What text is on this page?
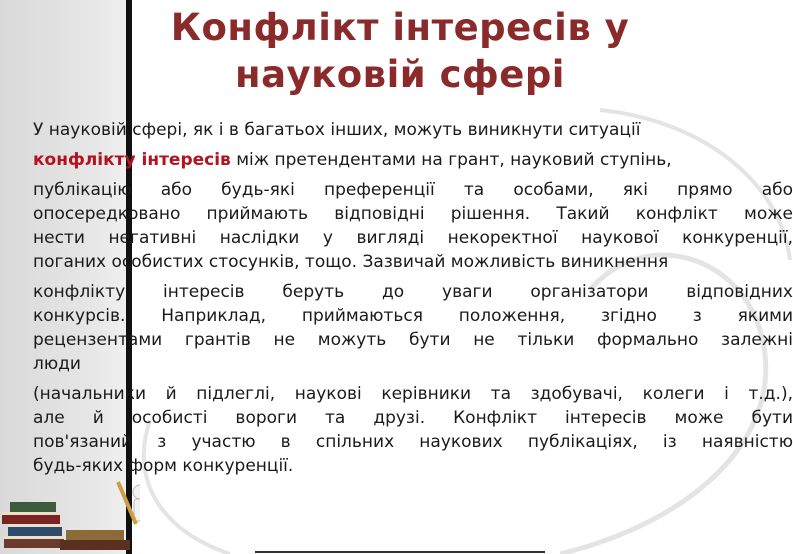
Конфлікт інтересів у
науковій сфері
У науковій сфері, як і в багатьох інших, можуть виникнути ситуації
конфлікту інтересів між претендентами на грант, науковий ступінь,
публікацію або будь-які преференції та особами, які прямо або
опосередковано приймають відповідні рішення. Такий конфлікт може
нести негативні наслідки у вигляді некоректної наукової конкуренції,
поганих особистих стосунків, тощо. Зазвичай можливість виникнення
конфлікту інтересів беруть до уваги організатори відповідних
конкурсів. Наприклад, приймаються положення, згідно з якими
рецензентами грантів не можуть бути не тільки формально залежні
люди
(начальники й підлеглі, наукові керівники та здобувачі, колеги і т.д.),
але й особисті вороги та друзі. Конфлікт інтересів може бути
пов'язаний з участю в спільних наукових публікаціях, із наявністю
будь-яких форм конкуренції.
